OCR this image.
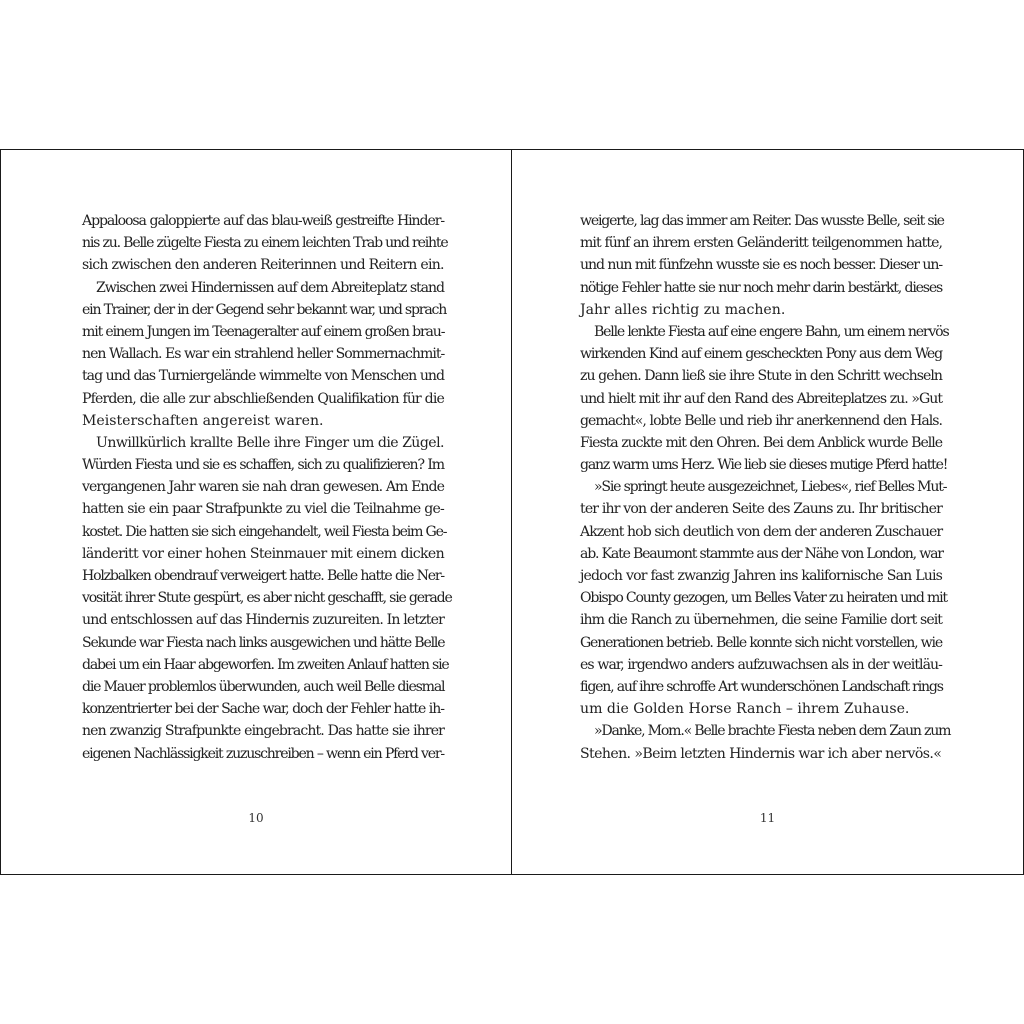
Appaloosa galoppierte auf das blau-weiß gestreifte Hinder-
nis zu. Belle zügelte Fiesta zu einem leichten Trab und reihte
sich zwischen den anderen Reiterinnen und Reitern ein.
Zwischen zwei Hindernissen auf dem Abreiteplatz stand
ein Trainer, der in der Gegend sehr bekannt war, und sprach
mit einem Jungen im Teenageralter auf einem großen brau-
nen Wallach. Es war ein strahlend heller Sommernachmit-
tag und das Turniergelände wimmelte von Menschen und
Pferden, die alle zur abschließenden Qualifikation für die
Meisterschaften angereist waren.
Unwillkürlich krallte Belle ihre Finger um die Zügel.
Würden Fiesta und sie es schaffen, sich zu qualifizieren? Im
vergangenen Jahr waren sie nah dran gewesen. Am Ende
hatten sie ein paar Strafpunkte zu viel die Teilnahme ge-
kostet. Die hatten sie sich eingehandelt, weil Fiesta beim Ge-
länderitt vor einer hohen Steinmauer mit einem dicken
Holzbalken obendrauf verweigert hatte. Belle hatte die Ner-
vosität ihrer Stute gespürt, es aber nicht geschafft, sie gerade
und entschlossen auf das Hindernis zuzureiten. In letzter
Sekunde war Fiesta nach links ausgewichen und hätte Belle
dabei um ein Haar abgeworfen. Im zweiten Anlauf hatten sie
die Mauer problemlos überwunden, auch weil Belle diesmal
konzentrierter bei der Sache war, doch der Fehler hatte ih-
nen zwanzig Strafpunkte eingebracht. Das hatte sie ihrer
eigenen Nachlässigkeit zuzuschreiben – wenn ein Pferd ver-
10
weigerte, lag das immer am Reiter. Das wusste Belle, seit sie
mit fünf an ihrem ersten Geländeritt teilgenommen hatte,
und nun mit fünfzehn wusste sie es noch besser. Dieser un-
nötige Fehler hatte sie nur noch mehr darin bestärkt, dieses
Jahr alles richtig zu machen.
Belle lenkte Fiesta auf eine engere Bahn, um einem nervös
wirkenden Kind auf einem gescheckten Pony aus dem Weg
zu gehen. Dann ließ sie ihre Stute in den Schritt wechseln
und hielt mit ihr auf den Rand des Abreiteplatzes zu. »Gut
gemacht«, lobte Belle und rieb ihr anerkennend den Hals.
Fiesta zuckte mit den Ohren. Bei dem Anblick wurde Belle
ganz warm ums Herz. Wie lieb sie dieses mutige Pferd hatte!
»Sie springt heute ausgezeichnet, Liebes«, rief Belles Mut-
ter ihr von der anderen Seite des Zauns zu. Ihr britischer
Akzent hob sich deutlich von dem der anderen Zuschauer
ab. Kate Beaumont stammte aus der Nähe von London, war
jedoch vor fast zwanzig Jahren ins kalifornische San Luis
Obispo County gezogen, um Belles Vater zu heiraten und mit
ihm die Ranch zu übernehmen, die seine Familie dort seit
Generationen betrieb. Belle konnte sich nicht vorstellen, wie
es war, irgendwo anders aufzuwachsen als in der weitläu-
figen, auf ihre schroffe Art wunderschönen Landschaft rings
um die Golden Horse Ranch – ihrem Zuhause.
»Danke, Mom.« Belle brachte Fiesta neben dem Zaun zum
Stehen. »Beim letzten Hindernis war ich aber nervös.«
11
